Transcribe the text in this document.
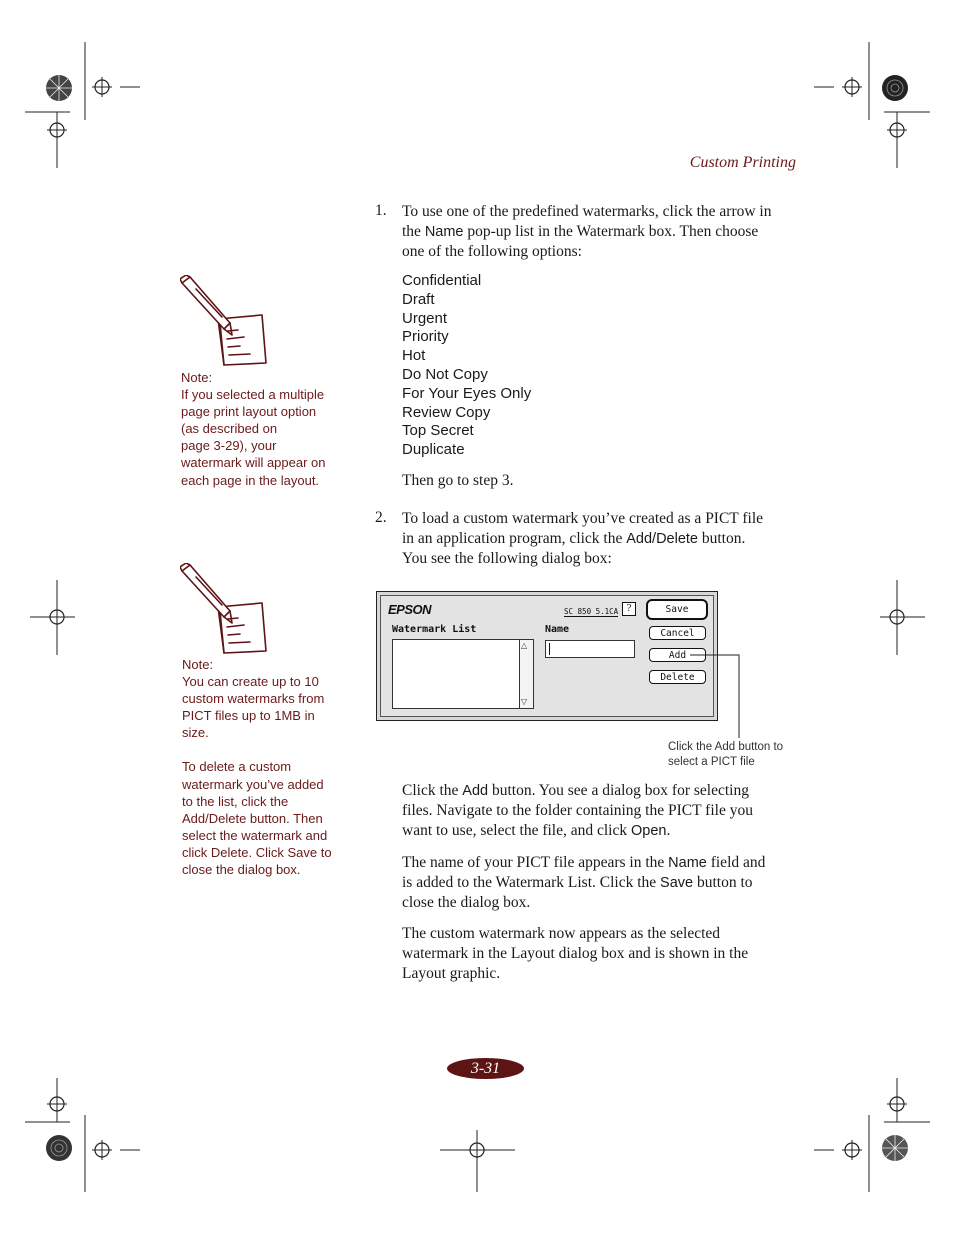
Custom Printing
1. To use one of the predefined watermarks, click the arrow in
the Name pop-up list in the Watermark box. Then choose
one of the following options:
Confidential
Draft
Urgent
Priority
Hot
Do Not Copy
For Your Eyes Only
Review Copy
Top Secret
Duplicate
Then go to step 3.
2. To load a custom watermark you’ve created as a PICT file
in an application program, click the Add/Delete button.
You see the following dialog box:
EPSON	SC 850 5.1CA ?
Watermark List	Name
△
▽
Save
Cancel
Add
Delete
Click the Add button to
select a PICT file
Click the Add button. You see a dialog box for selecting
files. Navigate to the folder containing the PICT file you
want to use, select the file, and click Open.
The name of your PICT file appears in the Name field and
is added to the Watermark List. Click the Save button to
close the dialog box.
The custom watermark now appears as the selected
watermark in the Layout dialog box and is shown in the
Layout graphic.

Note:

If you selected a multiple

page print layout option

(as described on

page 3-29), your

watermark will appear on

each page in the layout.

Note:

You can create up to 10

custom watermarks from

PICT files up to 1MB in

size.

To delete a custom

watermark you’ve added

to the list, click the

Add/Delete button. Then

select the watermark and

click Delete. Click Save to

close the dialog box.

3-31
